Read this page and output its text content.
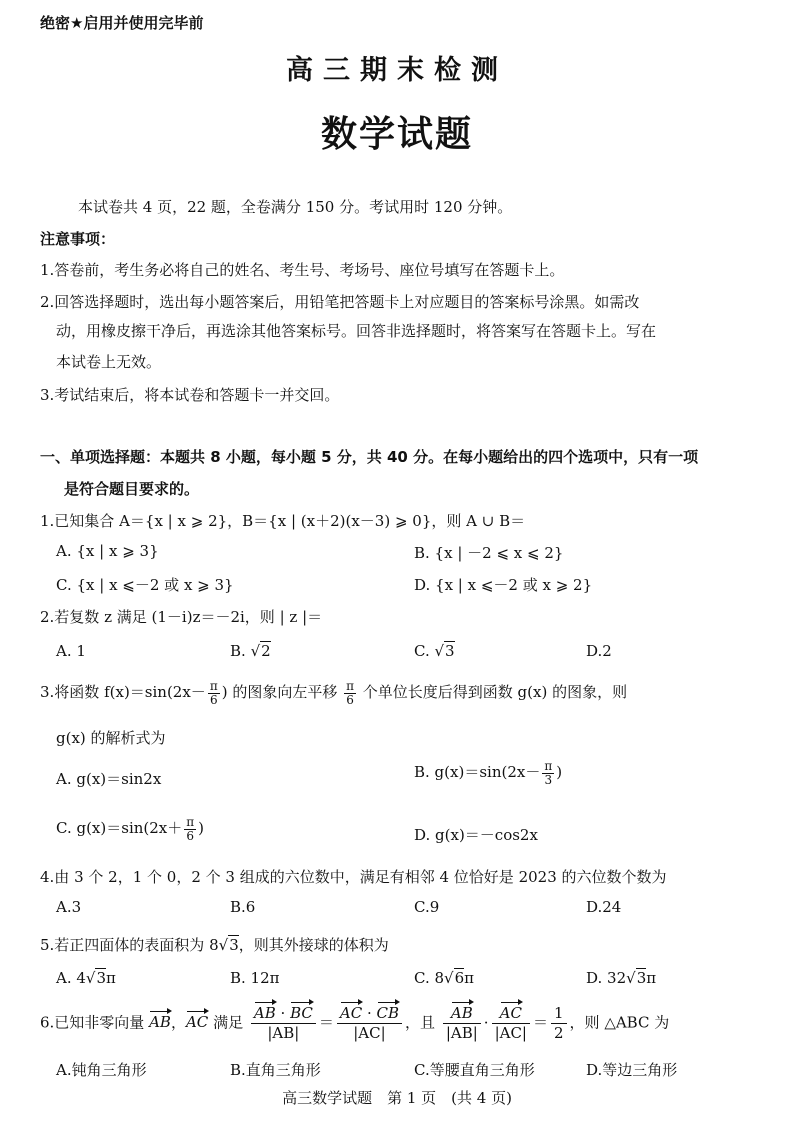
绝密★启用并使用完毕前
高三期末检测
数学试题
本试卷共 4 页，22 题，全卷满分 150 分。考试用时 120 分钟。
注意事项：
1.答卷前，考生务必将自己的姓名、考生号、考场号、座位号填写在答题卡上。
2.回答选择题时，选出每小题答案后，用铅笔把答题卡上对应题目的答案标号涂黑。如需改
动，用橡皮擦干净后，再选涂其他答案标号。回答非选择题时，将答案写在答题卡上。写在
本试卷上无效。
3.考试结束后，将本试卷和答题卡一并交回。
一、单项选择题：本题共 8 小题，每小题 5 分，共 40 分。在每小题给出的四个选项中，只有一项
是符合题目要求的。
1.已知集合 A＝{x | x ⩾ 2}，B＝{x | (x＋2)(x－3) ⩾ 0}，则 A ∪ B＝
A. {x | x ⩾ 3}	B. {x | －2 ⩽ x ⩽ 2}
C. {x | x ⩽－2 或 x ⩾ 3}	D. {x | x ⩽－2 或 x ⩾ 2}
2.若复数 z 满足 (1－i)z＝－2i，则 | z |＝
A. 1	B. √2	C. √3	D.2
3.将函数 $f(x)=\sin(2x- \frac{\pi}{6}$ ) 的图象向左平移 $\frac{\pi}{6}$ 个单位长度后得到函数 g(x) 的图象，则
g(x) 的解析式为
A. g(x)＝sin2x	B. $g(x)=\sin(2x- \frac{\pi}{3}$ )
C. $g(x)=\sin(2x+ \frac{\pi}{6}$ )	D. g(x)＝－cos2x
4.由 3 个 2，1 个 0，2 个 3 组成的六位数中，满足有相邻 4 位恰好是 2023 的六位数个数为
A.3	B.6	C.9	D.24
5.若正四面体的表面积为 8√3，则其外接球的体积为
A. 4√3π	B. 12π	C. 8√6π	D. 32√3π
6.已知非零向量 AB，AC 满足 $\frac{AB \cdot BC}{|AB|} = \frac{AC \cdot CB}{|AC|}$ ，且 $\frac{AB}{|AB|} \cdot \frac{AC}{|AC|} = \frac{1}{2}$ ，则 △ABC 为
A.钝角三角形	B.直角三角形	C.等腰直角三角形	D.等边三角形
高三数学试题　第 1 页　(共 4 页)
